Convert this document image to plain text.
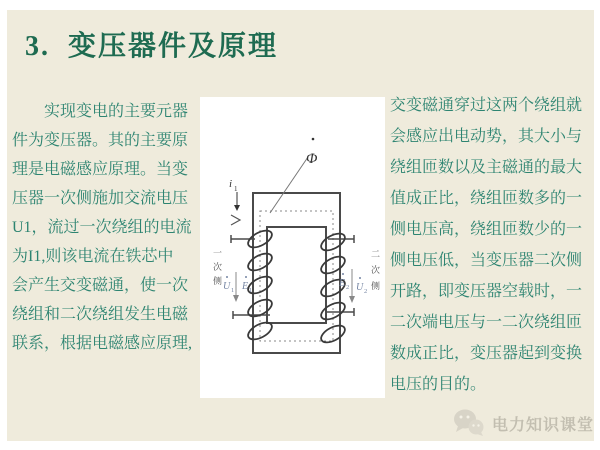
3.  变压器件及原理
　　实现变电的主要元器
件为变压器。其的主要原
理是电磁感应原理。当变
压器一次侧施加交流电压
U1，流过一次绕组的电流
为I1,则该电流在铁芯中
会产生交变磁通，使一次
绕组和二次绕组发生电磁
联系，根据电磁感应原理,
Φ
i 1
一
次
侧 U 1 E 1
E 2 U 2
二
次
侧
交变磁通穿过这两个绕组就
会感应出电动势，其大小与
绕组匝数以及主磁通的最大
值成正比，绕组匝数多的一
侧电压高，绕组匝数少的一
侧电压低，当变压器二次侧
开路，即变压器空载时，一
二次端电压与一二次绕组匝
数成正比，变压器起到变换
电压的目的。
电力知识课堂
